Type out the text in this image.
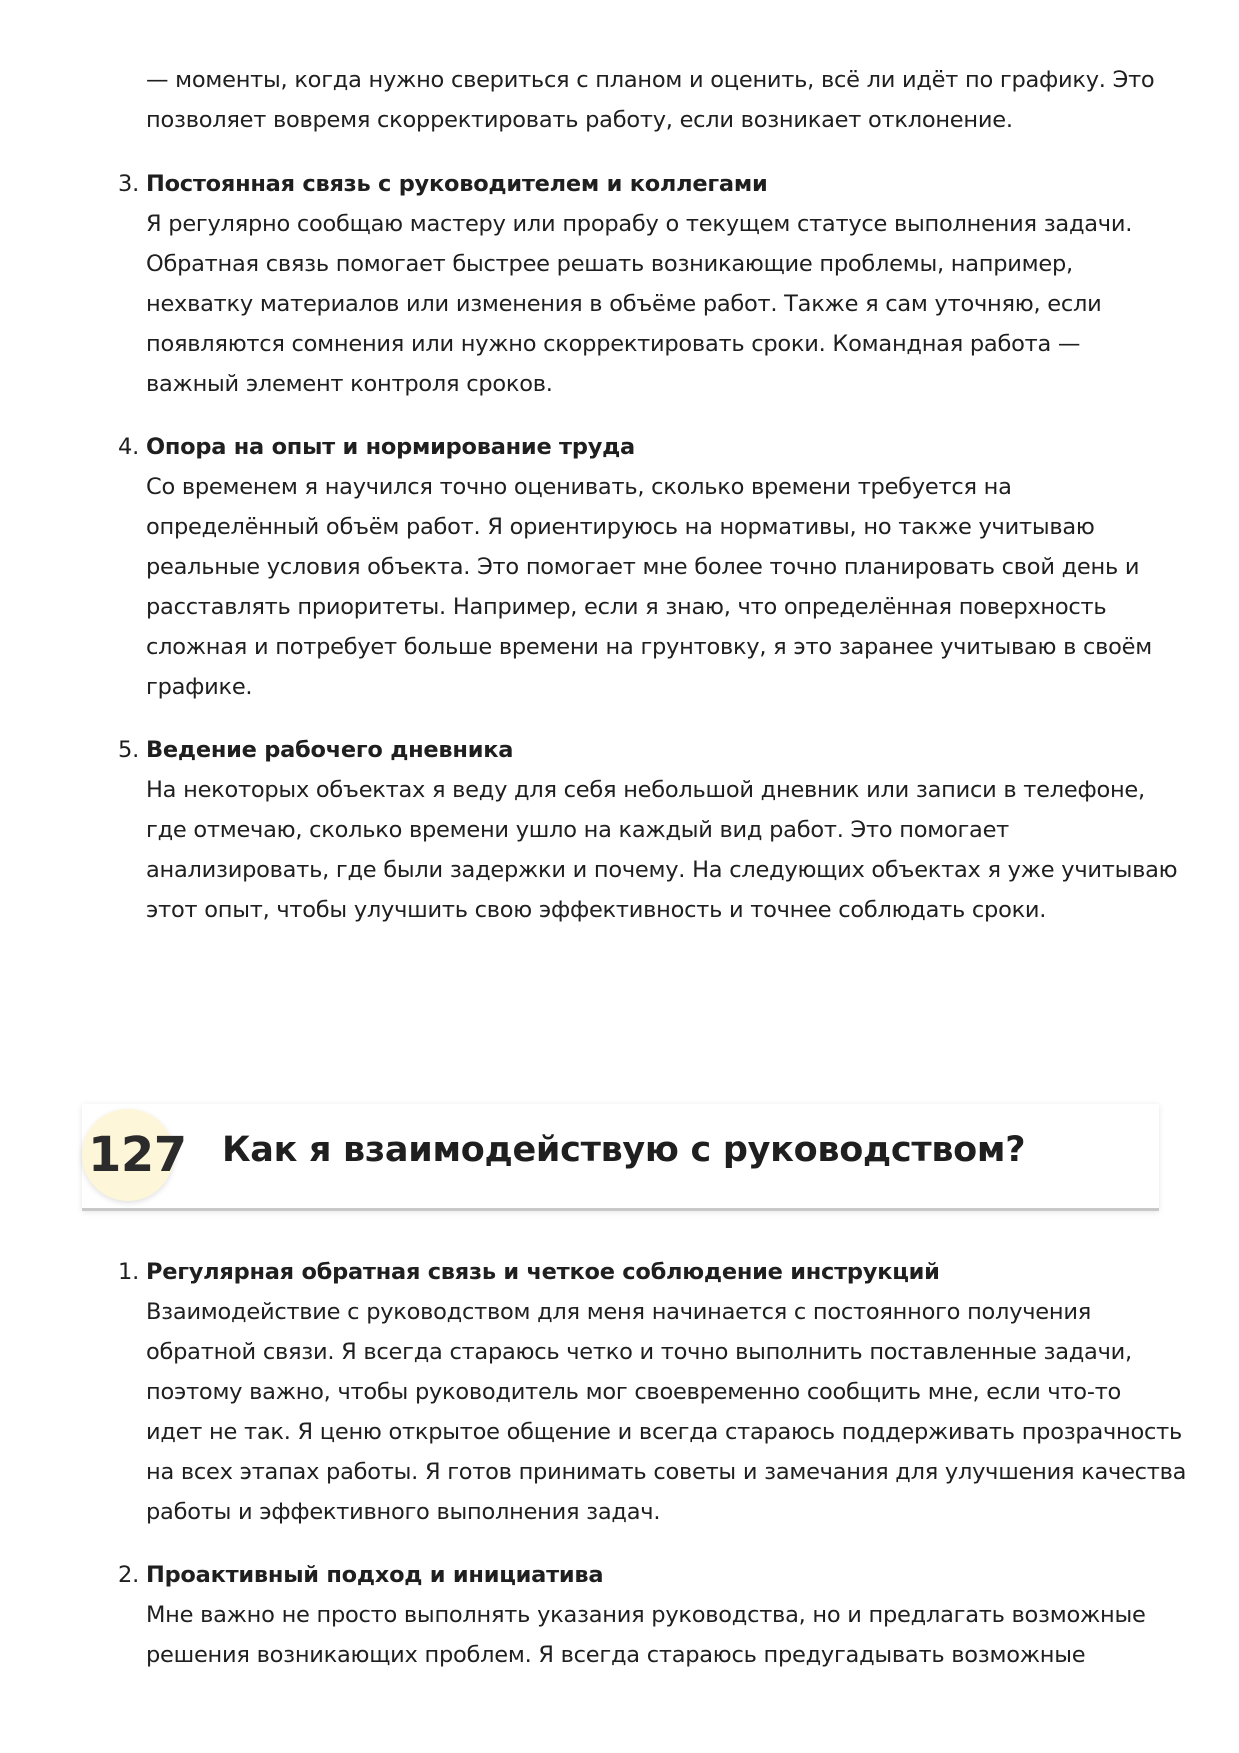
— моменты, когда нужно свериться с планом и оценить, всё ли идёт по графику. Это
позволяет вовремя скорректировать работу, если возникает отклонение.
3. Постоянная связь с руководителем и коллегами
Я регулярно сообщаю мастеру или прорабу о текущем статусе выполнения задачи.
Обратная связь помогает быстрее решать возникающие проблемы, например,
нехватку материалов или изменения в объёме работ. Также я сам уточняю, если
появляются сомнения или нужно скорректировать сроки. Командная работа —
важный элемент контроля сроков.
4. Опора на опыт и нормирование труда
Со временем я научился точно оценивать, сколько времени требуется на
определённый объём работ. Я ориентируюсь на нормативы, но также учитываю
реальные условия объекта. Это помогает мне более точно планировать свой день и
расставлять приоритеты. Например, если я знаю, что определённая поверхность
сложная и потребует больше времени на грунтовку, я это заранее учитываю в своём
графике.
5. Ведение рабочего дневника
На некоторых объектах я веду для себя небольшой дневник или записи в телефоне,
где отмечаю, сколько времени ушло на каждый вид работ. Это помогает
анализировать, где были задержки и почему. На следующих объектах я уже учитываю
этот опыт, чтобы улучшить свою эффективность и точнее соблюдать сроки.
127 Как я взаимодействую с руководством?
1. Регулярная обратная связь и четкое соблюдение инструкций
Взаимодействие с руководством для меня начинается с постоянного получения
обратной связи. Я всегда стараюсь четко и точно выполнить поставленные задачи,
поэтому важно, чтобы руководитель мог своевременно сообщить мне, если что-то
идет не так. Я ценю открытое общение и всегда стараюсь поддерживать прозрачность
на всех этапах работы. Я готов принимать советы и замечания для улучшения качества
работы и эффективного выполнения задач.
2. Проактивный подход и инициатива
Мне важно не просто выполнять указания руководства, но и предлагать возможные
решения возникающих проблем. Я всегда стараюсь предугадывать возможные
